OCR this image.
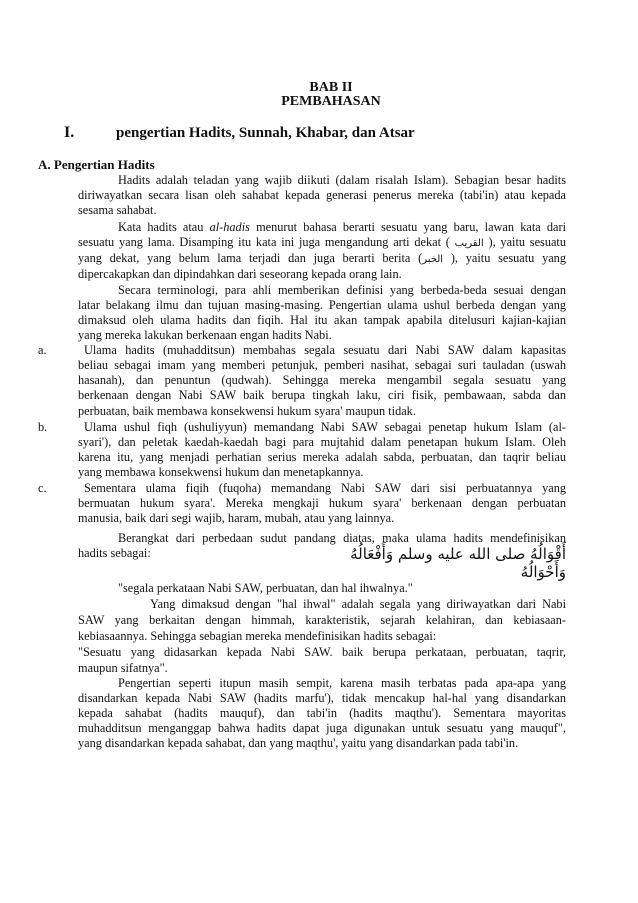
BAB II
PEMBAHASAN
I.	pengertian Hadits, Sunnah, Khabar, dan Atsar
A. Pengertian Hadits
Hadits adalah teladan yang wajib diikuti (dalam risalah Islam). Sebagian besar hadits
diriwayatkan secara lisan oleh sahabat kepada generasi penerus mereka (tabi'in) atau kepada
sesama sahabat.
Kata hadits atau al-hadis menurut bahasa berarti sesuatu yang baru, lawan kata dari
sesuatu yang lama. Disamping itu kata ini juga mengandung arti dekat ( القريب ), yaitu sesuatu
yang dekat, yang belum lama terjadi dan juga berarti berita (الخبر ), yaitu sesuatu yang
dipercakapkan dan dipindahkan dari seseorang kepada orang lain.
Secara terminologi, para ahli memberikan definisi yang berbeda-beda sesuai dengan
latar belakang ilmu dan tujuan masing-masing. Pengertian ulama ushul berbeda dengan yang
dimaksud oleh ulama hadits dan fiqih. Hal itu akan tampak apabila ditelusuri kajian-kajian
yang mereka lakukan berkenaan engan hadits Nabi.
a.	Ulama hadits (muhadditsun) membahas segala sesuatu dari Nabi SAW dalam kapasitas
beliau sebagai imam yang memberi petunjuk, pemberi nasihat, sebagai suri tauladan (uswah
hasanah), dan penuntun (qudwah). Sehingga mereka mengambil segala sesuatu yang
berkenaan dengan Nabi SAW baik berupa tingkah laku, ciri fisik, pembawaan, sabda dan
perbuatan, baik membawa konsekwensi hukum syara' maupun tidak.
b.	Ulama ushul fiqh (ushuliyyun) memandang Nabi SAW sebagai penetap hukum Islam (al-
syari'), dan peletak kaedah-kaedah bagi para mujtahid dalam penetapan hukum Islam. Oleh
karena itu, yang menjadi perhatian serius mereka adalah sabda, perbuatan, dan taqrir beliau
yang membawa konsekwensi hukum dan menetapkannya.
c.	Sementara ulama fiqih (fuqoha) memandang Nabi SAW dari sisi perbuatannya yang
bermuatan hukum syara'. Mereka mengkaji hukum syara' berkenaan dengan perbuatan
manusia, baik dari segi wajib, haram, mubah, atau yang lainnya.
Berangkat dari perbedaan sudut pandang diatas, maka ulama hadits mendefinisikan
hadits sebagai:	أَقْوَالُهُ صلى الله عليه وسلم وَأَفْعَالُهُ وَأَحْوَالُهُ
"segala perkataan Nabi SAW, perbuatan, dan hal ihwalnya."
Yang dimaksud dengan "hal ihwal" adalah segala yang diriwayatkan dari Nabi
SAW yang berkaitan dengan himmah, karakteristik, sejarah kelahiran, dan kebiasaan-
kebiasaannya. Sehingga sebagian mereka mendefinisikan hadits sebagai:
"Sesuatu yang didasarkan kepada Nabi SAW. baik berupa perkataan, perbuatan, taqrir,
maupun sifatnya".
Pengertian seperti itupun masih sempit, karena masih terbatas pada apa-apa yang
disandarkan kepada Nabi SAW (hadits marfu'), tidak mencakup hal-hal yang disandarkan
kepada sahabat (hadits mauquf), dan tabi'in (hadits maqthu'). Sementara mayoritas
muhadditsun menganggap bahwa hadits dapat juga digunakan untuk sesuatu yang mauquf",
yang disandarkan kepada sahabat, dan yang maqthu', yaitu yang disandarkan pada tabi'in.
